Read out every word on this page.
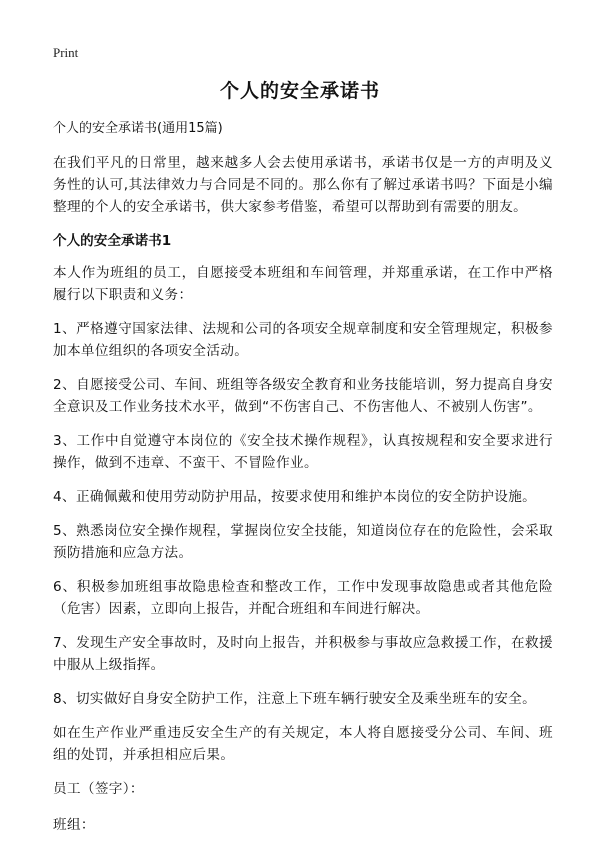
Print
个人的安全承诺书

个人的安全承诺书(通用15篇)

在我们平凡的日常里，越来越多人会去使用承诺书，承诺书仅是一方的声明及义务性的认可,其法律效力与合同是不同的。那么你有了解过承诺书吗？下面是小编整理的个人的安全承诺书，供大家参考借鉴，希望可以帮助到有需要的朋友。

个人的安全承诺书1

本人作为班组的员工，自愿接受本班组和车间管理，并郑重承诺，在工作中严格履行以下职责和义务：

1、严格遵守国家法律、法规和公司的各项安全规章制度和安全管理规定，积极参加本单位组织的各项安全活动。

2、自愿接受公司、车间、班组等各级安全教育和业务技能培训，努力提高自身安全意识及工作业务技术水平，做到“不伤害自己、不伤害他人、不被别人伤害”。

3、工作中自觉遵守本岗位的《安全技术操作规程》，认真按规程和安全要求进行操作，做到不违章、不蛮干、不冒险作业。

4、正确佩戴和使用劳动防护用品，按要求使用和维护本岗位的安全防护设施。

5、熟悉岗位安全操作规程，掌握岗位安全技能，知道岗位存在的危险性，会采取预防措施和应急方法。

6、积极参加班组事故隐患检查和整改工作，工作中发现事故隐患或者其他危险（危害）因素，立即向上报告，并配合班组和车间进行解决。

7、发现生产安全事故时，及时向上报告，并积极参与事故应急救援工作，在救援中服从上级指挥。

8、切实做好自身安全防护工作，注意上下班车辆行驶安全及乘坐班车的安全。

如在生产作业严重违反安全生产的有关规定，本人将自愿接受分公司、车间、班组的处罚，并承担相应后果。

员工（签字）：

班组：
